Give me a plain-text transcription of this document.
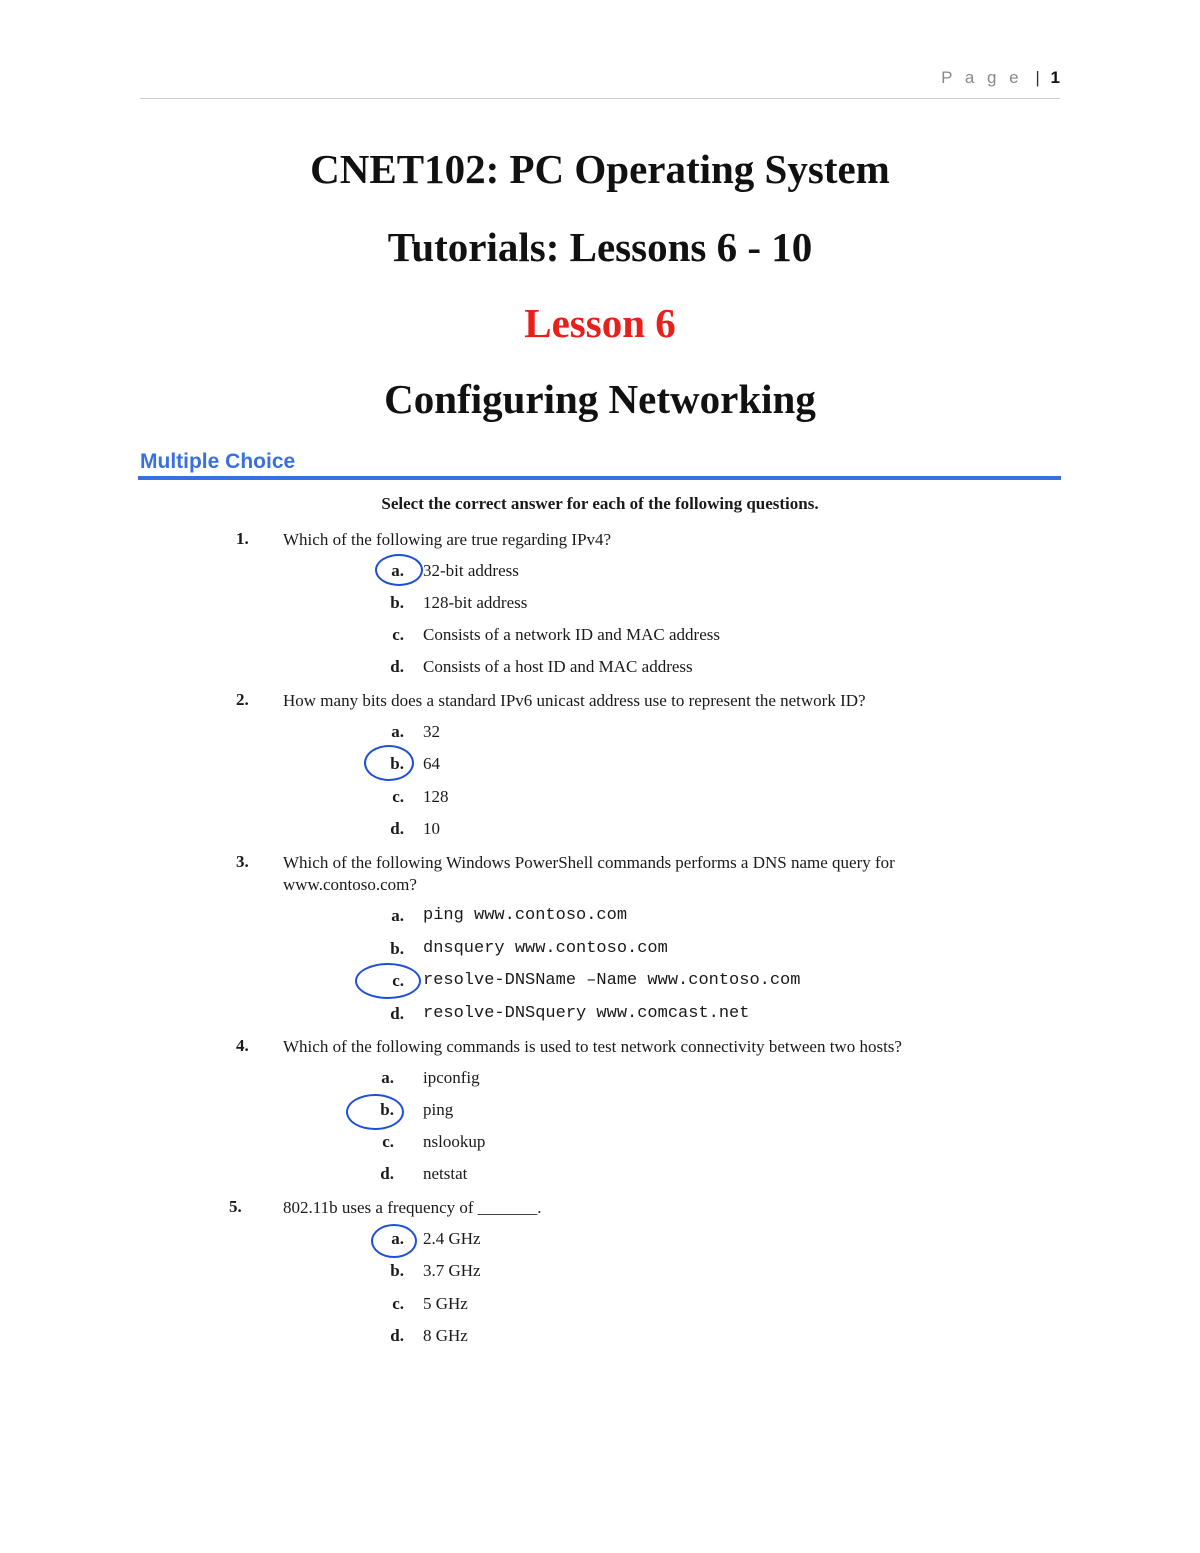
P a g e | 1
CNET102: PC Operating System
Tutorials: Lessons 6 - 10
Lesson 6
Configuring Networking
Multiple Choice
Select the correct answer for each of the following questions.
1. Which of the following are true regarding IPv4?
a. 32-bit address
b. 128-bit address
c. Consists of a network ID and MAC address
d. Consists of a host ID and MAC address
2. How many bits does a standard IPv6 unicast address use to represent the network ID?
a. 32
b. 64
c. 128
d. 10
3. Which of the following Windows PowerShell commands performs a DNS name query for www.contoso.com?
a. ping www.contoso.com
b. dnsquery www.contoso.com
c. resolve-DNSName –Name www.contoso.com
d. resolve-DNSquery www.comcast.net
4. Which of the following commands is used to test network connectivity between two hosts?
a. ipconfig
b. ping
c. nslookup
d. netstat
5. 802.11b uses a frequency of _______.
a. 2.4 GHz
b. 3.7 GHz
c. 5 GHz
d. 8 GHz
